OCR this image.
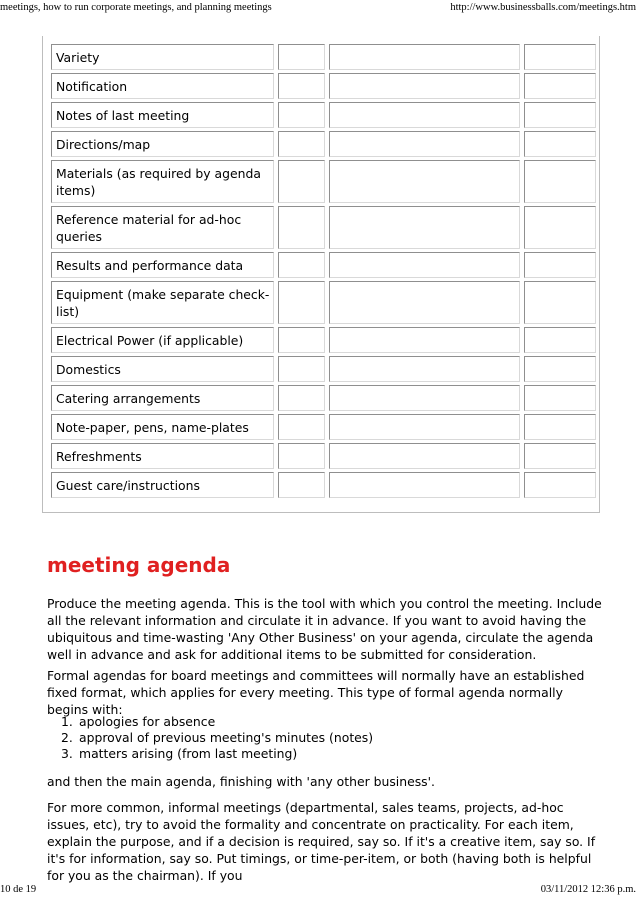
meetings, how to run corporate meetings, and planning meetings	http://www.businessballs.com/meetings.htm
Variety
Notification
Notes of last meeting
Directions/map
Materials (as required by agenda items)
Reference material for ad-hoc queries
Results and performance data
Equipment (make separate check-list)
Electrical Power (if applicable)
Domestics
Catering arrangements
Note-paper, pens, name-plates
Refreshments
Guest care/instructions
meeting agenda

Produce the meeting agenda. This is the tool with which you control the meeting. Include all the relevant information and circulate it in advance. If you want to avoid having the ubiquitous and time-wasting 'Any Other Business' on your agenda, circulate the agenda well in advance and ask for additional items to be submitted for consideration.

Formal agendas for board meetings and committees will normally have an established fixed format, which applies for every meeting. This type of formal agenda normally begins with:

1. apologies for absence
2. approval of previous meeting's minutes (notes)
3. matters arising (from last meeting)

and then the main agenda, finishing with 'any other business'.

For more common, informal meetings (departmental, sales teams, projects, ad-hoc issues, etc), try to avoid the formality and concentrate on practicality. For each item, explain the purpose, and if a decision is required, say so. If it's a creative item, say so. If it's for information, say so. Put timings, or time-per-item, or both (having both is helpful for you as the chairman). If you

10 de 19	03/11/2012 12:36 p.m.
